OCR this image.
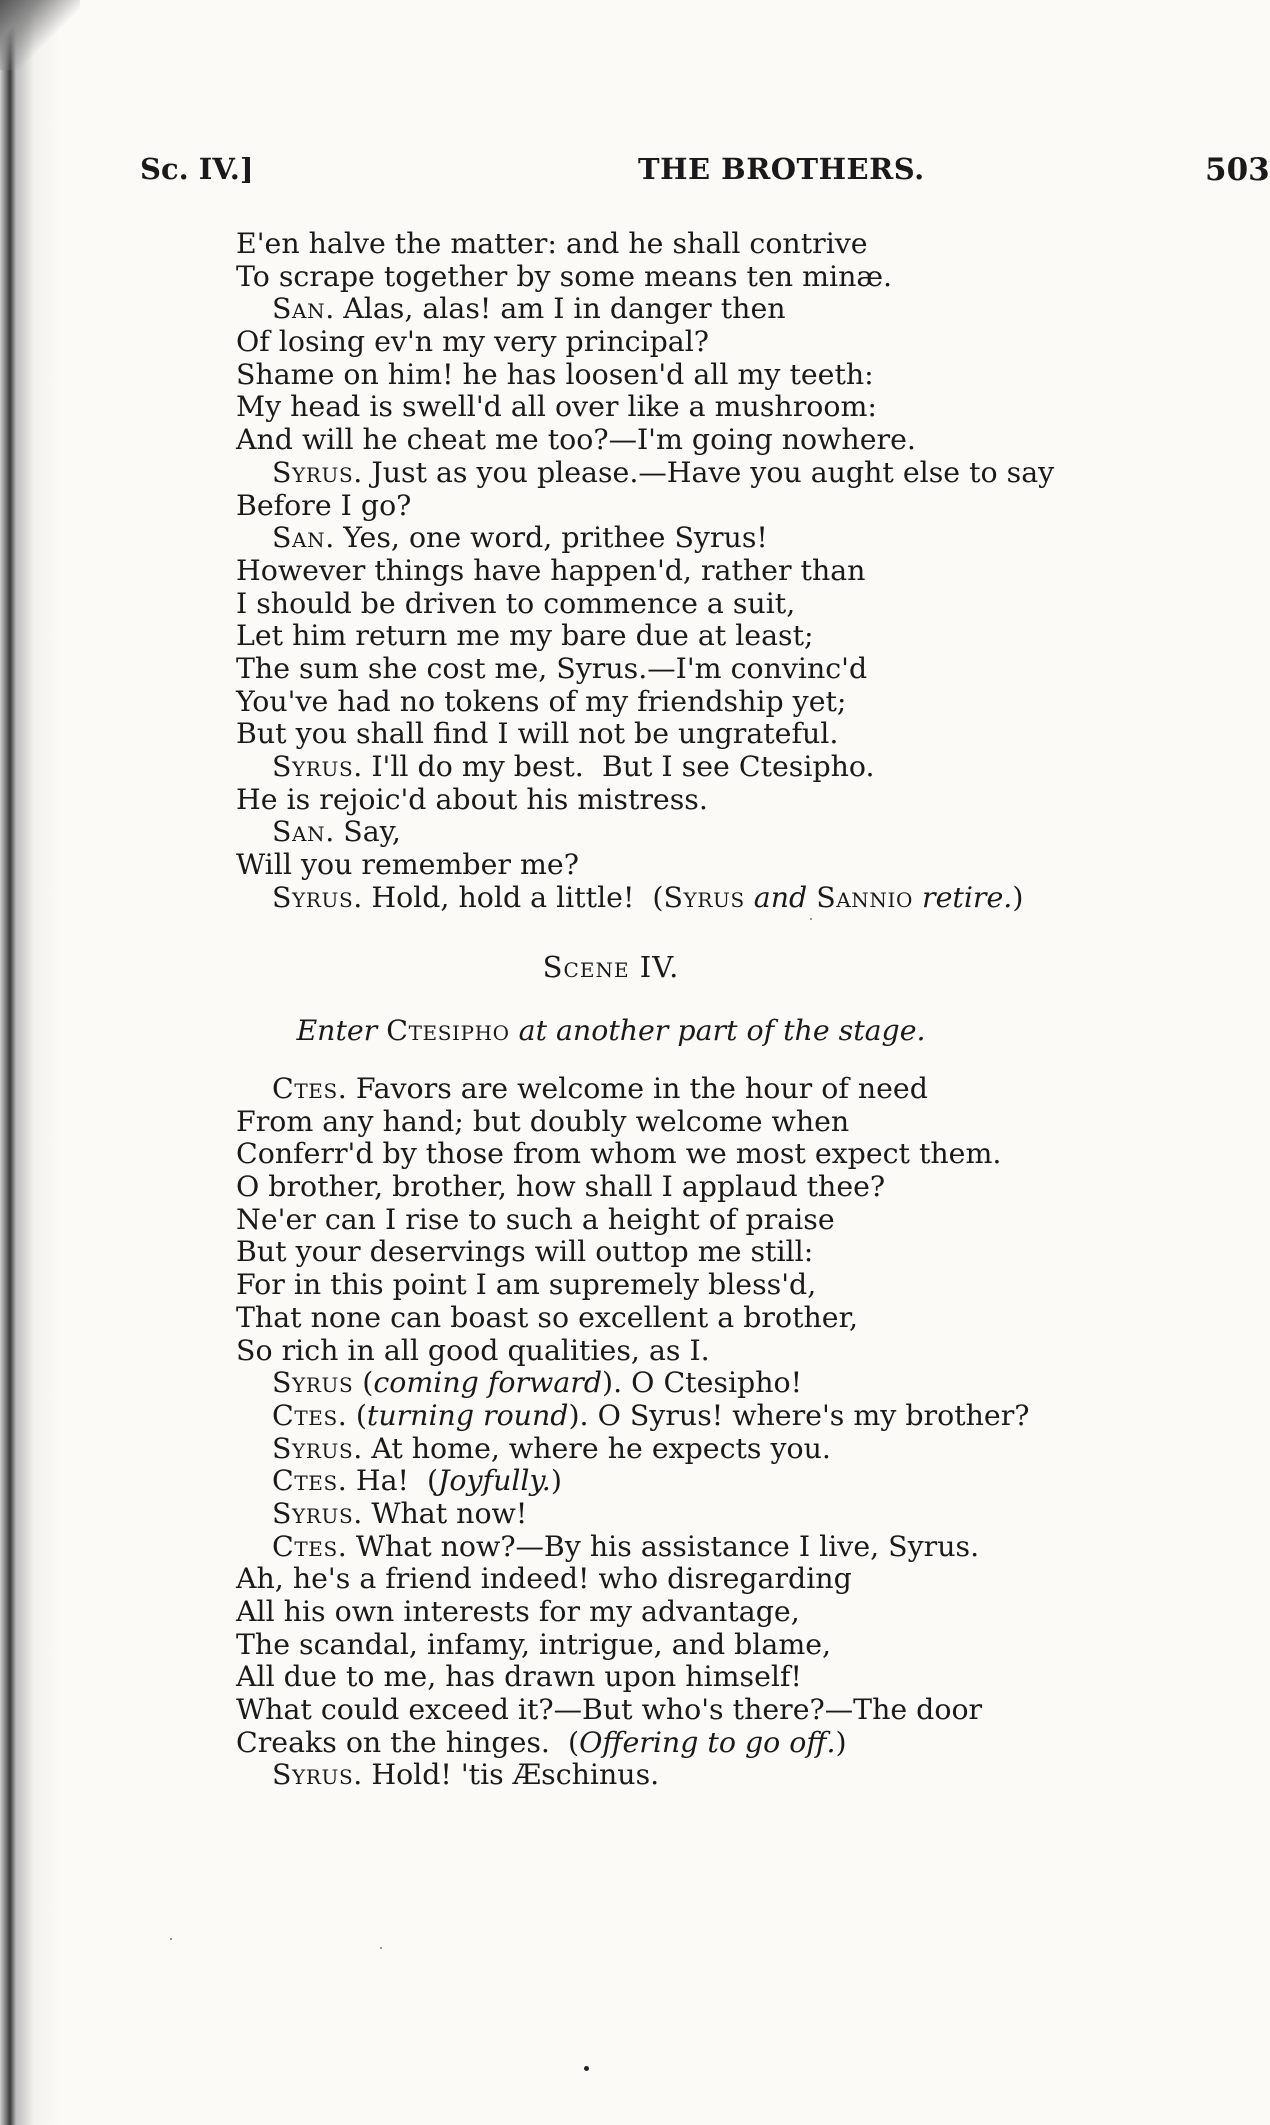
Sc. IV.]	THE BROTHERS.	503
E'en halve the matter: and he shall contrive
To scrape together by some means ten minæ.
San. Alas, alas! am I in danger then
Of losing ev'n my very principal?
Shame on him! he has loosen'd all my teeth:
My head is swell'd all over like a mushroom:
And will he cheat me too?—I'm going nowhere.
Syrus. Just as you please.—Have you aught else to say
Before I go?
San. Yes, one word, prithee Syrus!
However things have happen'd, rather than
I should be driven to commence a suit,
Let him return me my bare due at least;
The sum she cost me, Syrus.—I'm convinc'd
You've had no tokens of my friendship yet;
But you shall find I will not be ungrateful.
Syrus. I'll do my best.  But I see Ctesipho.
He is rejoic'd about his mistress.
San. Say,
Will you remember me?
Syrus. Hold, hold a little!  (Syrus and Sannio retire.)
Scene IV.
Enter Ctesipho at another part of the stage.
Ctes. Favors are welcome in the hour of need
From any hand; but doubly welcome when
Conferr'd by those from whom we most expect them.
O brother, brother, how shall I applaud thee?
Ne'er can I rise to such a height of praise
But your deservings will outtop me still:
For in this point I am supremely bless'd,
That none can boast so excellent a brother,
So rich in all good qualities, as I.
Syrus (coming forward). O Ctesipho!
Ctes. (turning round). O Syrus! where's my brother?
Syrus. At home, where he expects you.
Ctes. Ha!  (Joyfully.)
Syrus. What now!
Ctes. What now?—By his assistance I live, Syrus.
Ah, he's a friend indeed! who disregarding
All his own interests for my advantage,
The scandal, infamy, intrigue, and blame,
All due to me, has drawn upon himself!
What could exceed it?—But who's there?—The door
Creaks on the hinges.  (Offering to go off.)
Syrus. Hold! 'tis Æschinus.
